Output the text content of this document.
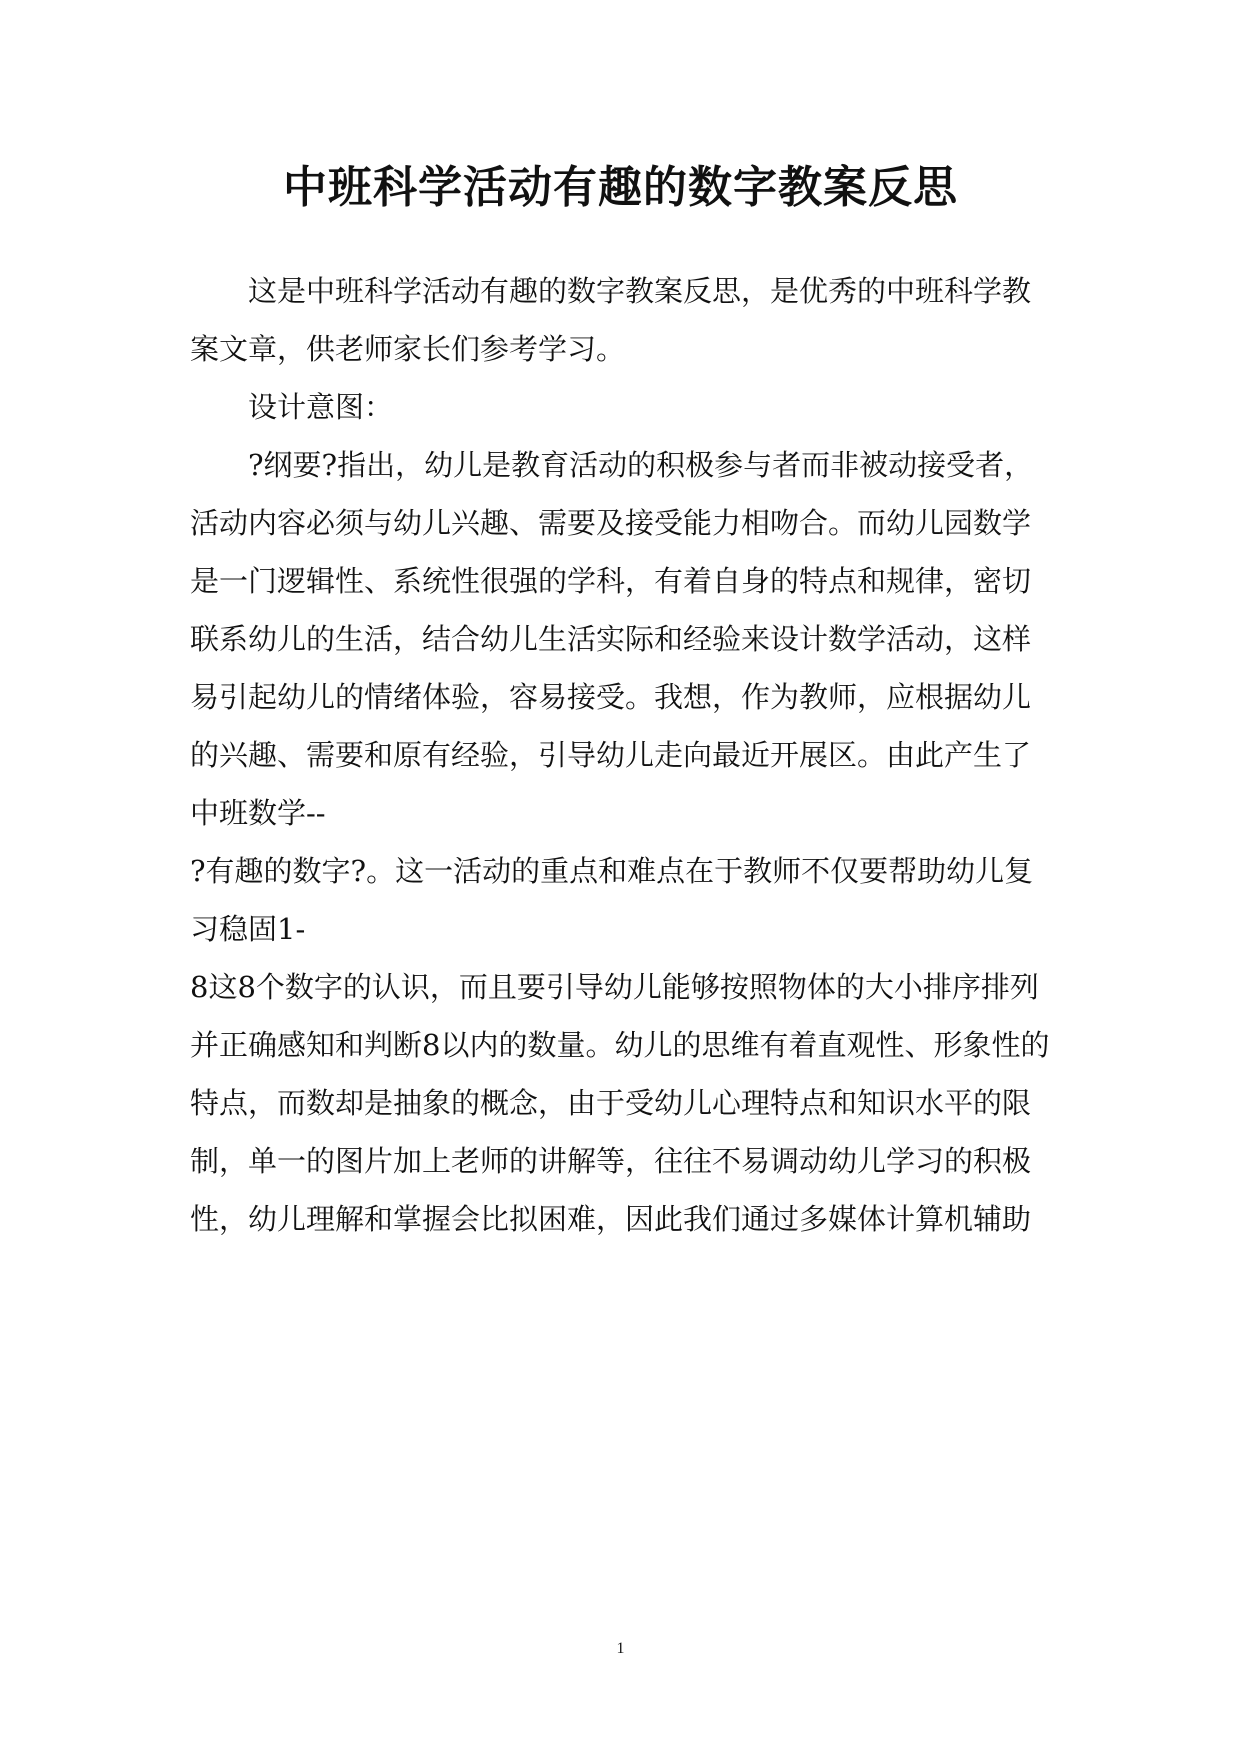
中班科学活动有趣的数字教案反思

这是中班科学活动有趣的数字教案反思，是优秀的中班科学教

案文章，供老师家长们参考学习。

设计意图：

?纲要?指出，幼儿是教育活动的积极参与者而非被动接受者，

活动内容必须与幼儿兴趣、需要及接受能力相吻合。而幼儿园数学

是一门逻辑性、系统性很强的学科，有着自身的特点和规律，密切

联系幼儿的生活，结合幼儿生活实际和经验来设计数学活动，这样

易引起幼儿的情绪体验，容易接受。我想，作为教师，应根据幼儿

的兴趣、需要和原有经验，引导幼儿走向最近开展区。由此产生了

中班数学--

?有趣的数字?。这一活动的重点和难点在于教师不仅要帮助幼儿复

习稳固1-

8这8个数字的认识，而且要引导幼儿能够按照物体的大小排序排列

并正确感知和判断8以内的数量。幼儿的思维有着直观性、形象性的

特点，而数却是抽象的概念，由于受幼儿心理特点和知识水平的限

制，单一的图片加上老师的讲解等，往往不易调动幼儿学习的积极

性，幼儿理解和掌握会比拟困难，因此我们通过多媒体计算机辅助

1
